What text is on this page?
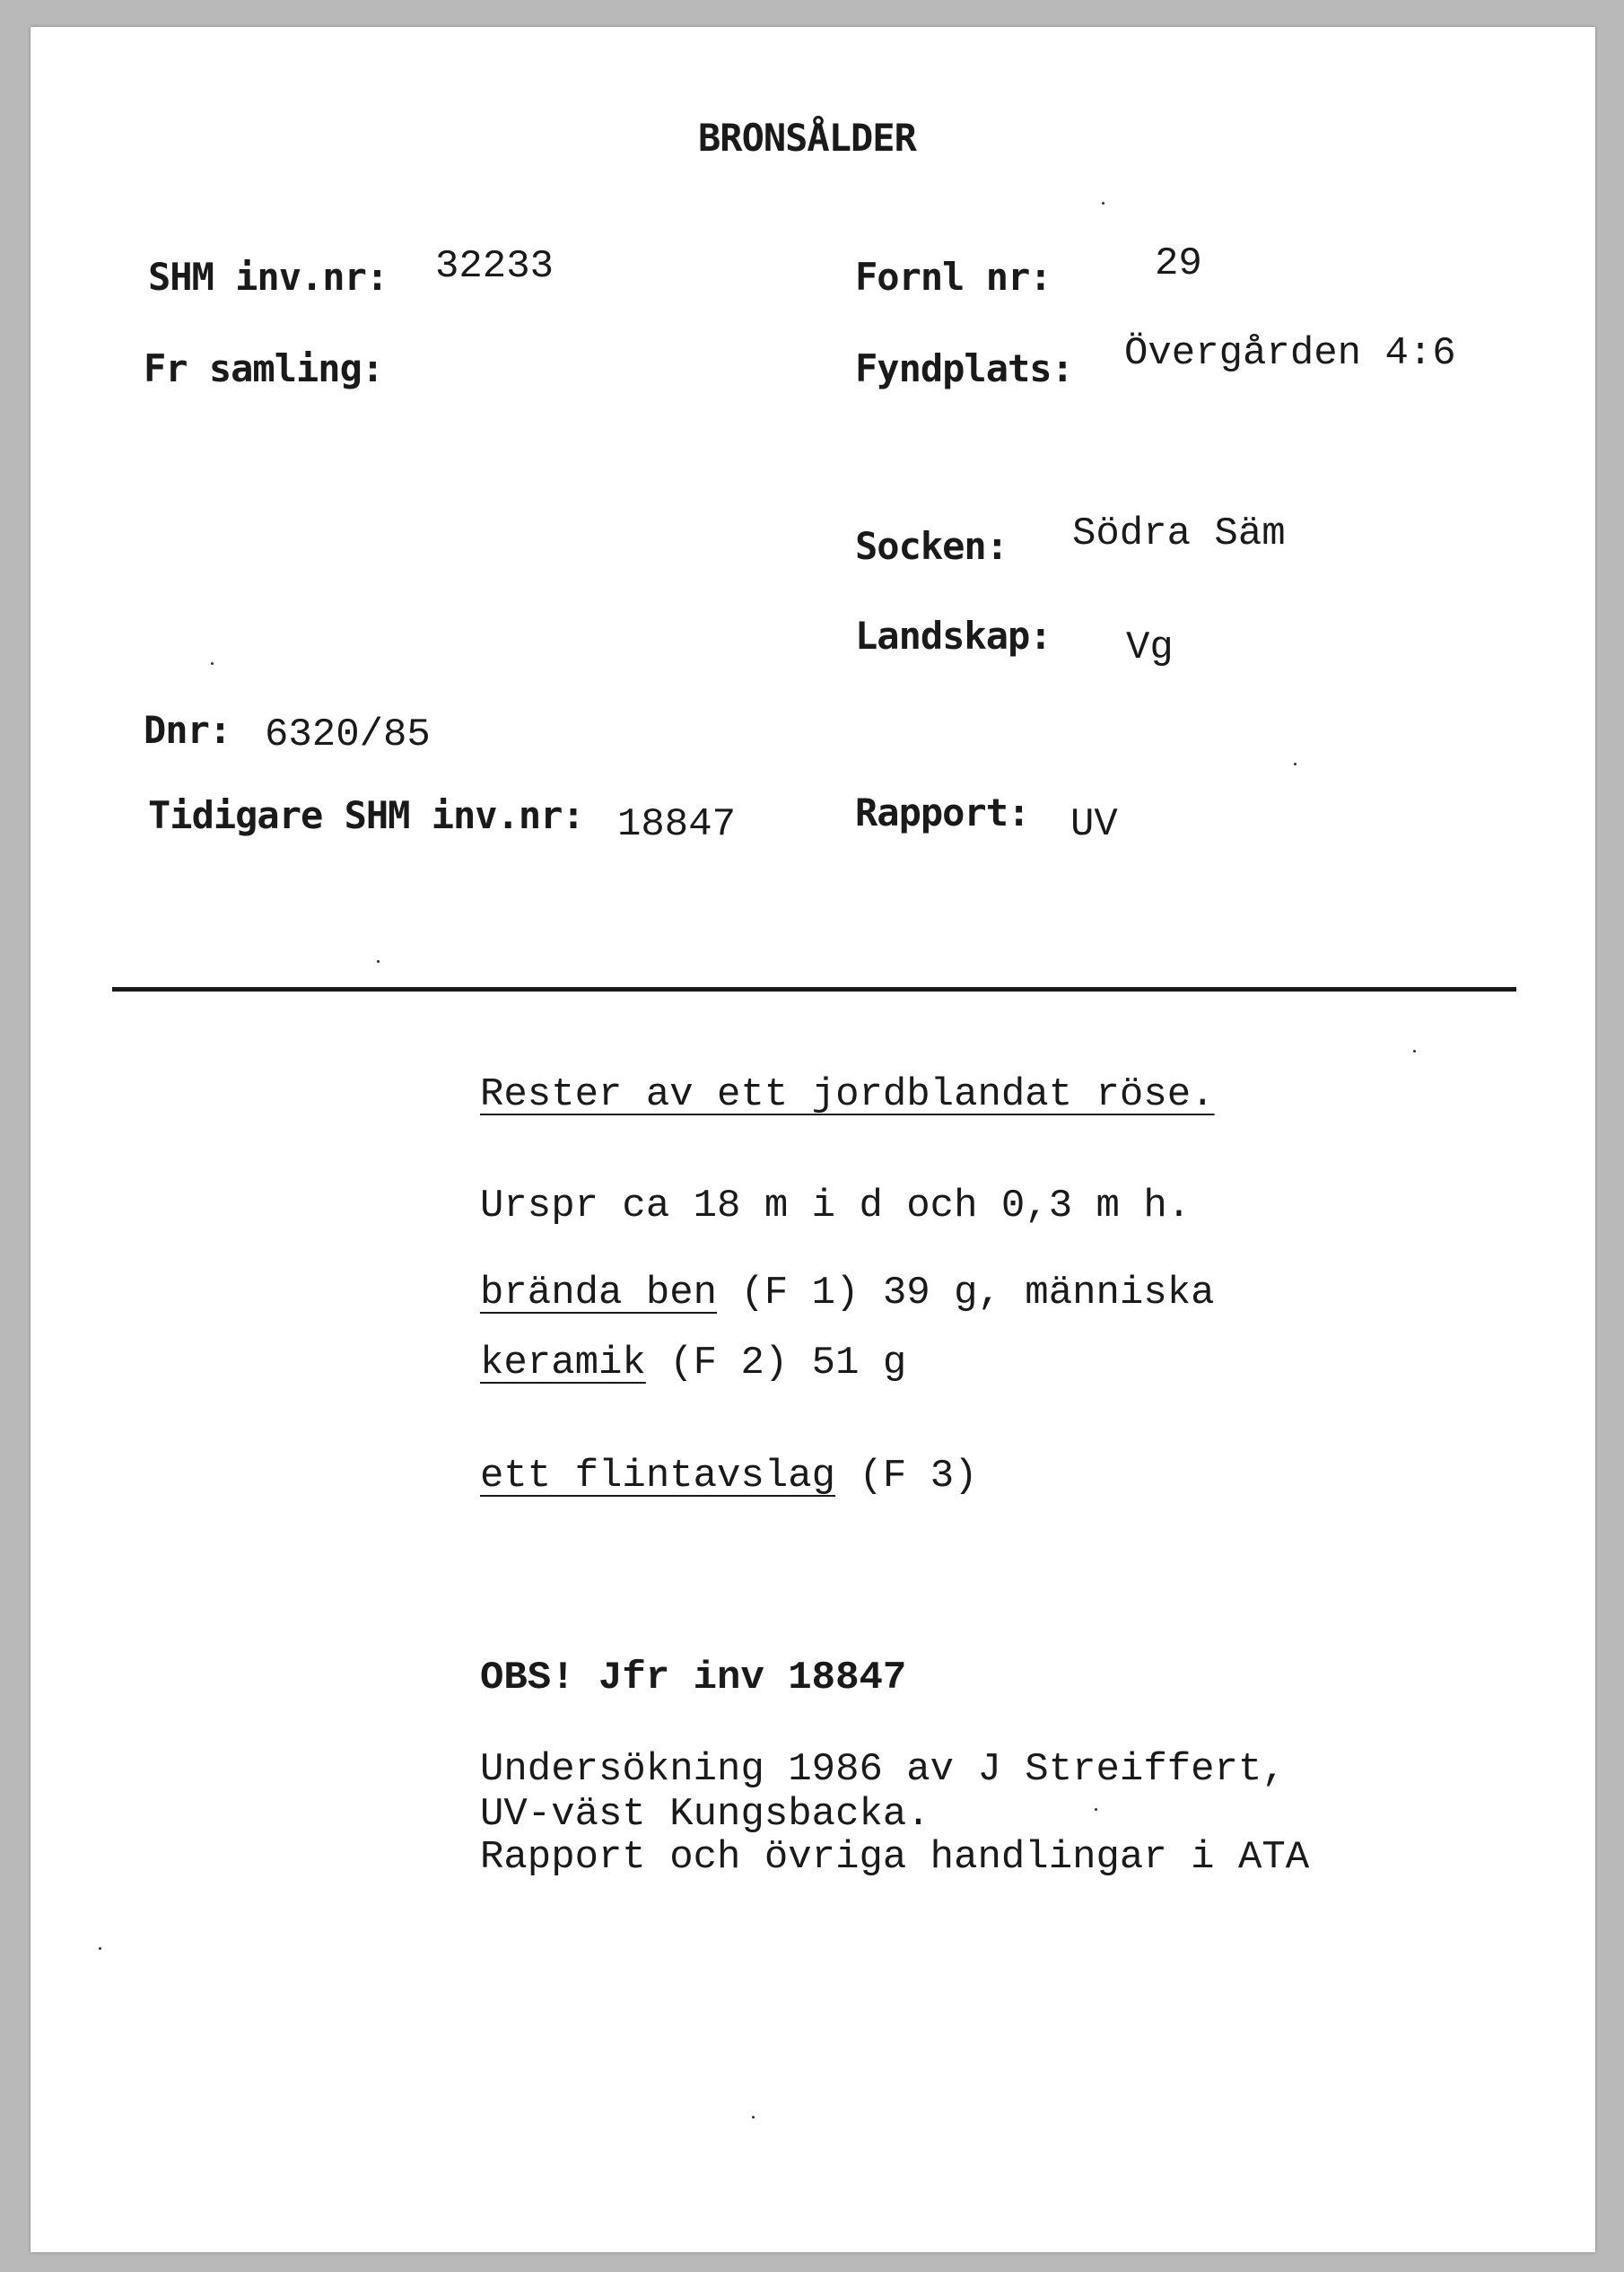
BRONSÅLDER
SHM inv.nr: 32233
Fr samling:
Dnr: 6320/85
Tidigare SHM inv.nr: 18847
Fornl nr:	29
Fyndplats: Övergården 4:6
Socken: Södra Säm
Landskap: Vg
Rapport: UV
Rester av ett jordblandat röse.
Urspr ca 18 m i d och 0,3 m h.
brända ben (F 1) 39 g, människa
keramik (F 2) 51 g
ett flintavslag (F 3)
OBS! Jfr inv 18847
Undersökning 1986 av J Streiffert,
UV-väst Kungsbacka.
Rapport och övriga handlingar i ATA
